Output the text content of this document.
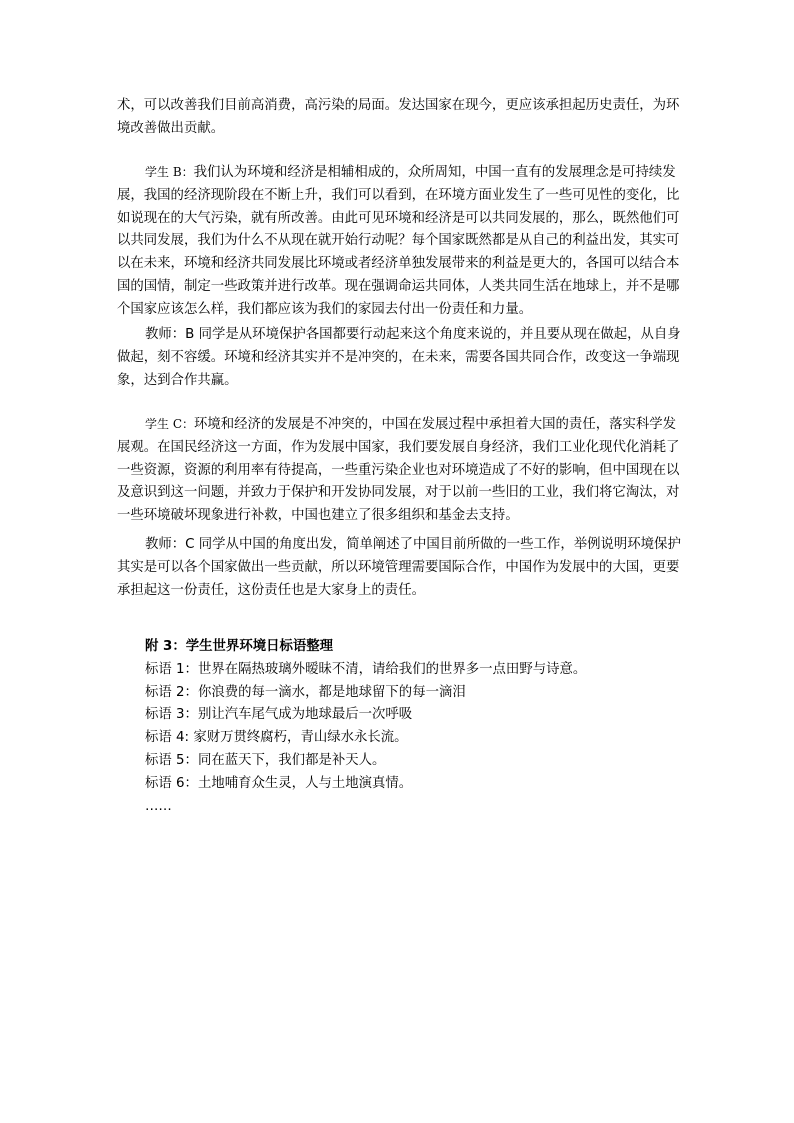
术，可以改善我们目前高消费，高污染的局面。发达国家在现今，更应该承担起历史责任，为环境改善做出贡献。

学生 B：我们认为环境和经济是相辅相成的，众所周知，中国一直有的发展理念是可持续发展，我国的经济现阶段在不断上升，我们可以看到，在环境方面业发生了一些可见性的变化，比如说现在的大气污染，就有所改善。由此可见环境和经济是可以共同发展的，那么，既然他们可以共同发展，我们为什么不从现在就开始行动呢？每个国家既然都是从自己的利益出发，其实可以在未来，环境和经济共同发展比环境或者经济单独发展带来的利益是更大的，各国可以结合本国的国情，制定一些政策并进行改革。现在强调命运共同体，人类共同生活在地球上，并不是哪个国家应该怎么样，我们都应该为我们的家园去付出一份责任和力量。

教师：B 同学是从环境保护各国都要行动起来这个角度来说的，并且要从现在做起，从自身做起，刻不容缓。环境和经济其实并不是冲突的，在未来，需要各国共同合作，改变这一争端现象，达到合作共赢。

学生 C：环境和经济的发展是不冲突的，中国在发展过程中承担着大国的责任，落实科学发展观。在国民经济这一方面，作为发展中国家，我们要发展自身经济，我们工业化现代化消耗了一些资源，资源的利用率有待提高，一些重污染企业也对环境造成了不好的影响，但中国现在以及意识到这一问题，并致力于保护和开发协同发展，对于以前一些旧的工业，我们将它淘汰，对一些环境破坏现象进行补救，中国也建立了很多组织和基金去支持。

教师：C 同学从中国的角度出发，简单阐述了中国目前所做的一些工作，举例说明环境保护其实是可以各个国家做出一些贡献，所以环境管理需要国际合作，中国作为发展中的大国，更要承担起这一份责任，这份责任也是大家身上的责任。

附 3：学生世界环境日标语整理
标语 1：世界在隔热玻璃外暧昧不清，请给我们的世界多一点田野与诗意。
标语 2：你浪费的每一滴水，都是地球留下的每一滴泪
标语 3：别让汽车尾气成为地球最后一次呼吸
标语 4: 家财万贯终腐朽，青山绿水永长流。
标语 5：同在蓝天下，我们都是补天人。
标语 6：土地哺育众生灵，人与土地演真情。
……
